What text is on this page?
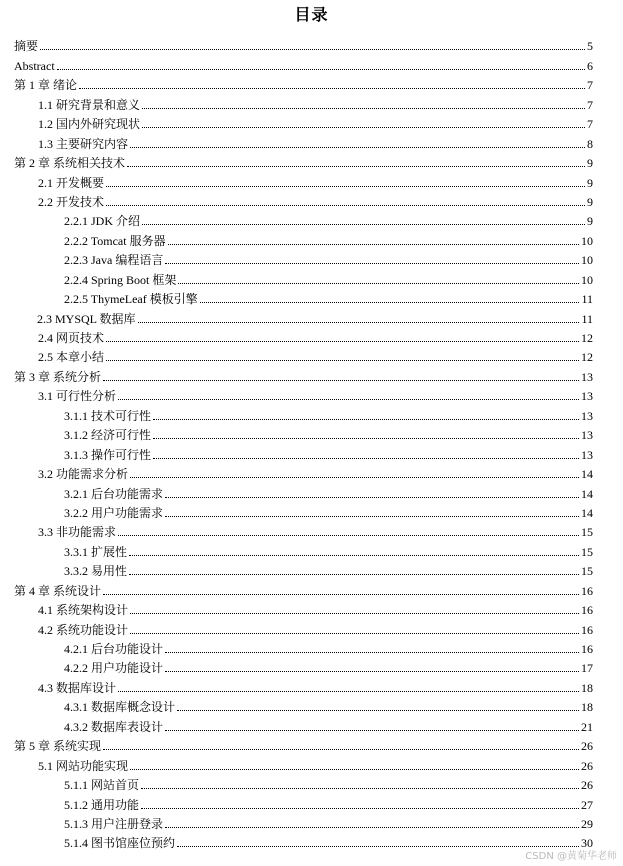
目录
摘要	5
Abstract	6
第 1 章 绪论	7
1.1 研究背景和意义	7
1.2 国内外研究现状	7
1.3 主要研究内容	8
第 2 章 系统相关技术	9
2.1 开发概要	9
2.2 开发技术	9
2.2.1 JDK 介绍	9
2.2.2 Tomcat 服务器	10
2.2.3 Java 编程语言	10
2.2.4 Spring Boot 框架	10
2.2.5 ThymeLeaf 模板引擎	11
2.3 MYSQL 数据库	11
2.4 网页技术	12
2.5 本章小结	12
第 3 章 系统分析	13
3.1 可行性分析	13
3.1.1 技术可行性	13
3.1.2 经济可行性	13
3.1.3 操作可行性	13
3.2 功能需求分析	14
3.2.1 后台功能需求	14
3.2.2 用户功能需求	14
3.3 非功能需求	15
3.3.1 扩展性	15
3.3.2 易用性	15
第 4 章 系统设计	16
4.1 系统架构设计	16
4.2 系统功能设计	16
4.2.1 后台功能设计	16
4.2.2 用户功能设计	17
4.3 数据库设计	18
4.3.1 数据库概念设计	18
4.3.2 数据库表设计	21
第 5 章 系统实现	26
5.1 网站功能实现	26
5.1.1 网站首页	26
5.1.2 通用功能	27
5.1.3 用户注册登录	29
5.1.4 图书馆座位预约	30
CSDN @黄菊华老师
